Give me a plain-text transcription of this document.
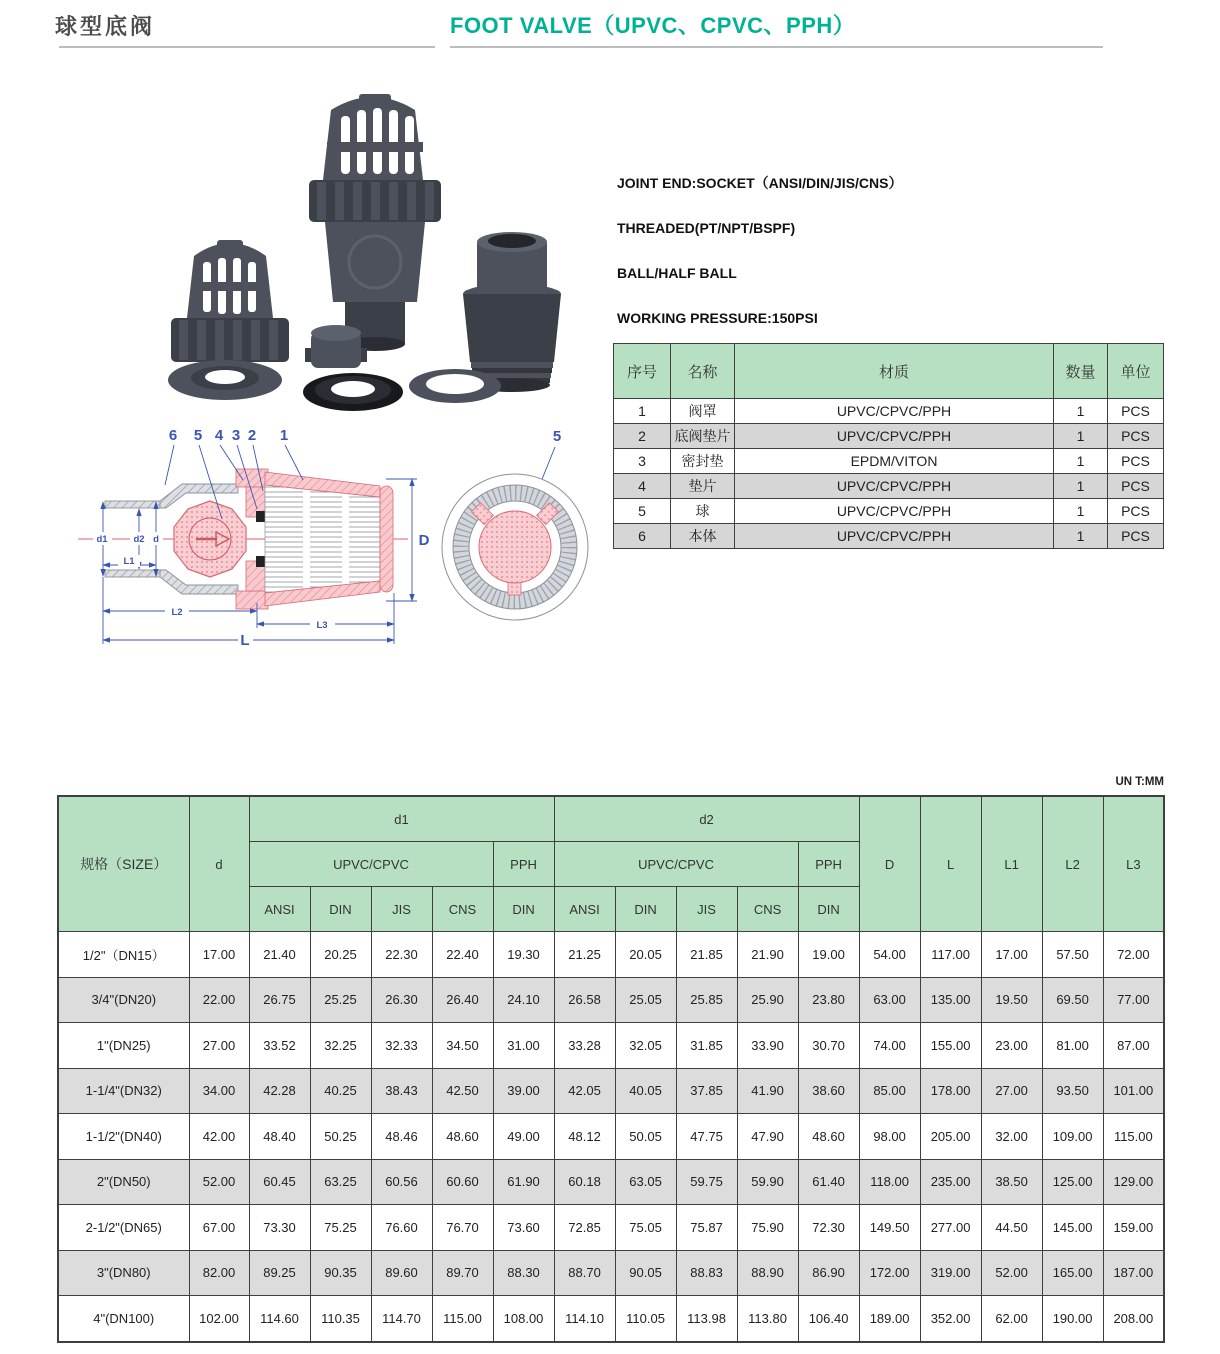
球型底阀	FOOT VALVE（UPVC、CPVC、PPH）
JOINT END:SOCKET（ANSI/DIN/JIS/CNS）
THREADED(PT/NPT/BSPF)
BALL/HALF BALL
WORKING PRESSURE:150PSI
序号	名称	材质	数量	单位
1	阀罩	UPVC/CPVC/PPH	1	PCS
2	底阀垫片	UPVC/CPVC/PPH	1	PCS
3	密封垫	EPDM/VITON	1	PCS
4	垫片	UPVC/CPVC/PPH	1	PCS
5	球	UPVC/CPVC/PPH	1	PCS
6	本体	UPVC/CPVC/PPH	1	PCS
d1	d2 d
L1
L2
L3
L
D
6 5 4 3 2 1	5
UN T:MM
规格（SIZE）	d	d1					d2					D	L	L1	L2	L3
		UPVC/CPVC				PPH	UPVC/CPVC				PPH					
		ANSI	DIN	JIS	CNS	DIN	ANSI	DIN	JIS	CNS	DIN					
1/2"（DN15）	17.00	21.40	20.25	22.30	22.40	19.30	21.25	20.05	21.85	21.90	19.00	54.00	117.00	17.00	57.50	72.00
3/4"(DN20)	22.00	26.75	25.25	26.30	26.40	24.10	26.58	25.05	25.85	25.90	23.80	63.00	135.00	19.50	69.50	77.00
1"(DN25)	27.00	33.52	32.25	32.33	34.50	31.00	33.28	32.05	31.85	33.90	30.70	74.00	155.00	23.00	81.00	87.00
1-1/4"(DN32)	34.00	42.28	40.25	38.43	42.50	39.00	42.05	40.05	37.85	41.90	38.60	85.00	178.00	27.00	93.50	101.00
1-1/2"(DN40)	42.00	48.40	50.25	48.46	48.60	49.00	48.12	50.05	47.75	47.90	48.60	98.00	205.00	32.00	109.00	115.00
2"(DN50)	52.00	60.45	63.25	60.56	60.60	61.90	60.18	63.05	59.75	59.90	61.40	118.00	235.00	38.50	125.00	129.00
2-1/2"(DN65)	67.00	73.30	75.25	76.60	76.70	73.60	72.85	75.05	75.87	75.90	72.30	149.50	277.00	44.50	145.00	159.00
3"(DN80)	82.00	89.25	90.35	89.60	89.70	88.30	88.70	90.05	88.83	88.90	86.90	172.00	319.00	52.00	165.00	187.00
4"(DN100)	102.00	114.60	110.35	114.70	115.00	108.00	114.10	110.05	113.98	113.80	106.40	189.00	352.00	62.00	190.00	208.00
